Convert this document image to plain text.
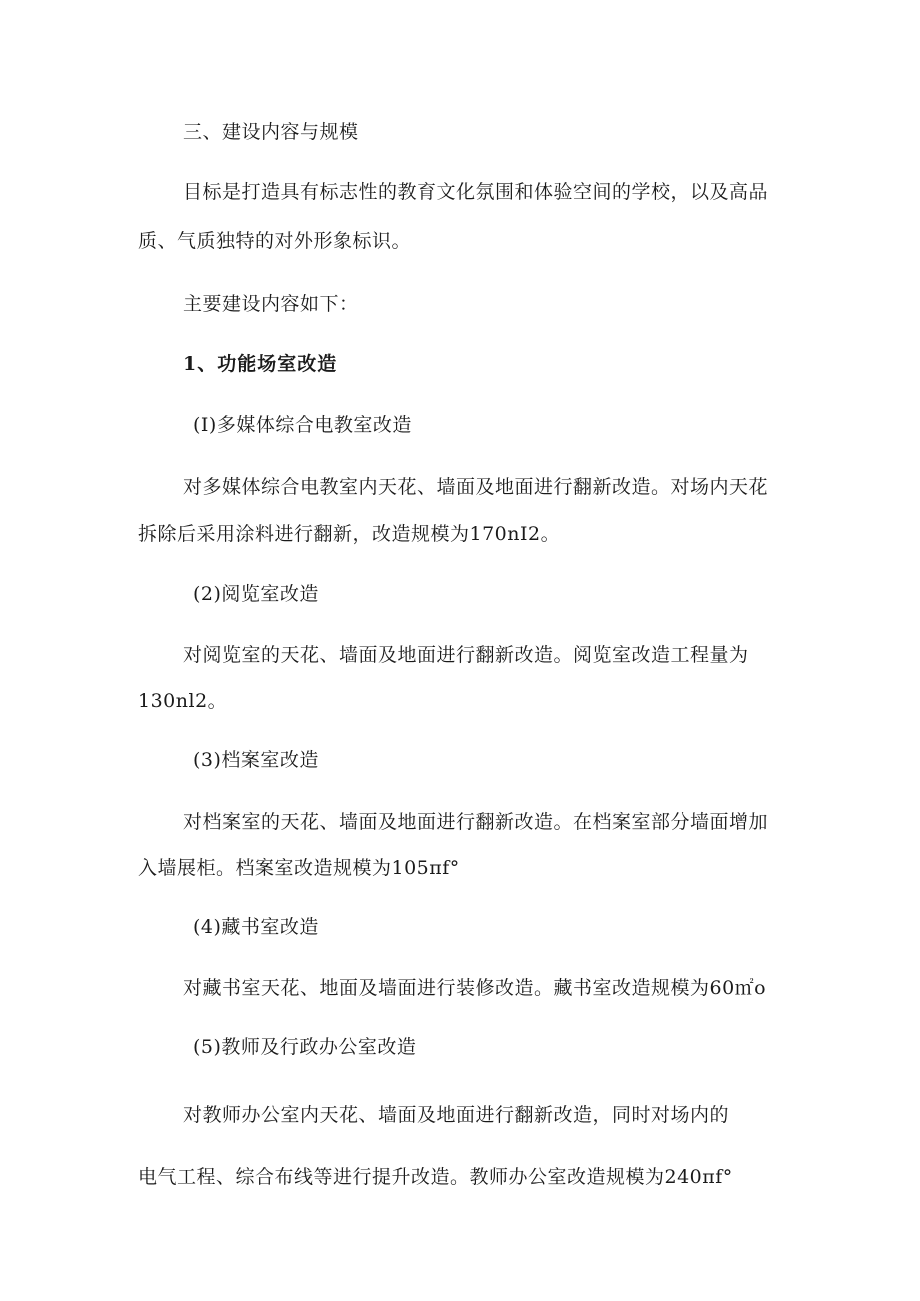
三、建设内容与规模
目标是打造具有标志性的教育文化氛围和体验空间的学校，以及高品
质、气质独特的对外形象标识。
主要建设内容如下：
1、功能场室改造
(I)多媒体综合电教室改造
对多媒体综合电教室内天花、墙面及地面进行翻新改造。对场内天花
拆除后采用涂料进行翻新，改造规模为170nI2。
(2)阅览室改造
对阅览室的天花、墙面及地面进行翻新改造。阅览室改造工程量为
130nl2。
(3)档案室改造
对档案室的天花、墙面及地面进行翻新改造。在档案室部分墙面增加
入墙展柜。档案室改造规模为105πf°
(4)藏书室改造
对藏书室天花、地面及墙面进行装修改造。藏书室改造规模为60㎡o
(5)教师及行政办公室改造
对教师办公室内天花、墙面及地面进行翻新改造，同时对场内的
电气工程、综合布线等进行提升改造。教师办公室改造规模为240πf°
